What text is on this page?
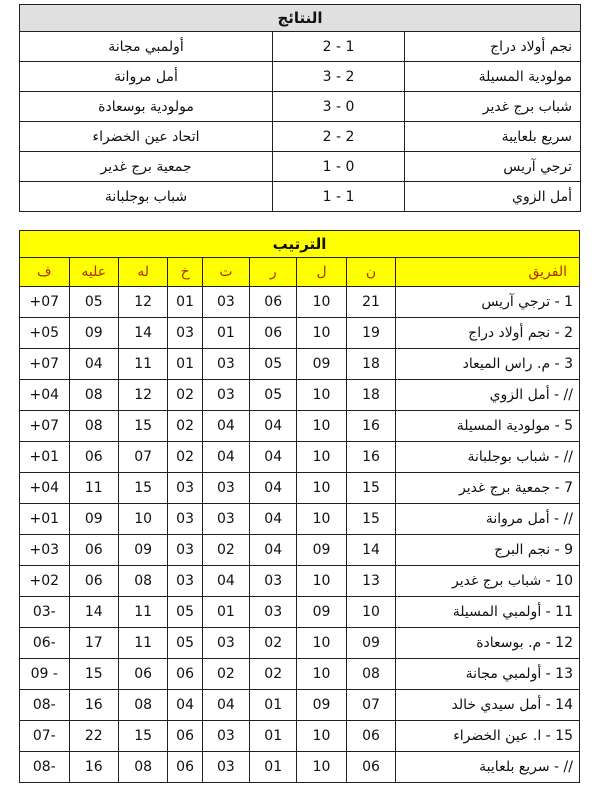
النتائج		
نجم أولاد دراج	2 - 1	أولمبي مجانة
مولودية المسيلة	3 - 2	أمل مروانة
شباب برج غدير	3 - 0	مولودية بوسعادة
سريع بلعايبة	2 - 2	اتحاد عين الخضراء
ترجي آريس	1 - 0	جمعية برج غدير
أمل الزوي	1 - 1	شباب بوجلبانة
الترتيب								
الفريق	ن	ل	ر	ت	خ	له	عليه	ف
1 - ترجي آريس	21	10	06	03	01	12	05	+07
2 - نجم أولاد دراج	19	10	06	01	03	14	09	+05
3 - م. راس الميعاد	18	09	05	03	01	11	04	+07
// - أمل الزوي	18	10	05	03	02	12	08	+04
5 - مولودية المسيلة	16	10	04	04	02	15	08	+07
// - شباب بوجلبانة	16	10	04	04	02	07	06	+01
7 - جمعية برج غدير	15	10	04	03	03	15	11	+04
// - أمل مروانة	15	10	04	03	03	10	09	+01
9 - نجم البرج	14	09	04	02	03	09	06	+03
10 - شباب برج غدير	13	10	03	04	03	08	06	+02
11 - أولمبي المسيلة	10	09	03	01	05	11	14	03-
12 - م. بوسعادة	09	10	02	03	05	11	17	06-
13 - أولمبي مجانة	08	10	02	02	06	06	15	09 -
14 - أمل سيدي خالد	07	09	01	04	04	08	16	08-
15 - ا. عين الخضراء	06	10	01	03	06	15	22	07-
// - سريع بلعايبة	06	10	01	03	06	08	16	08-
